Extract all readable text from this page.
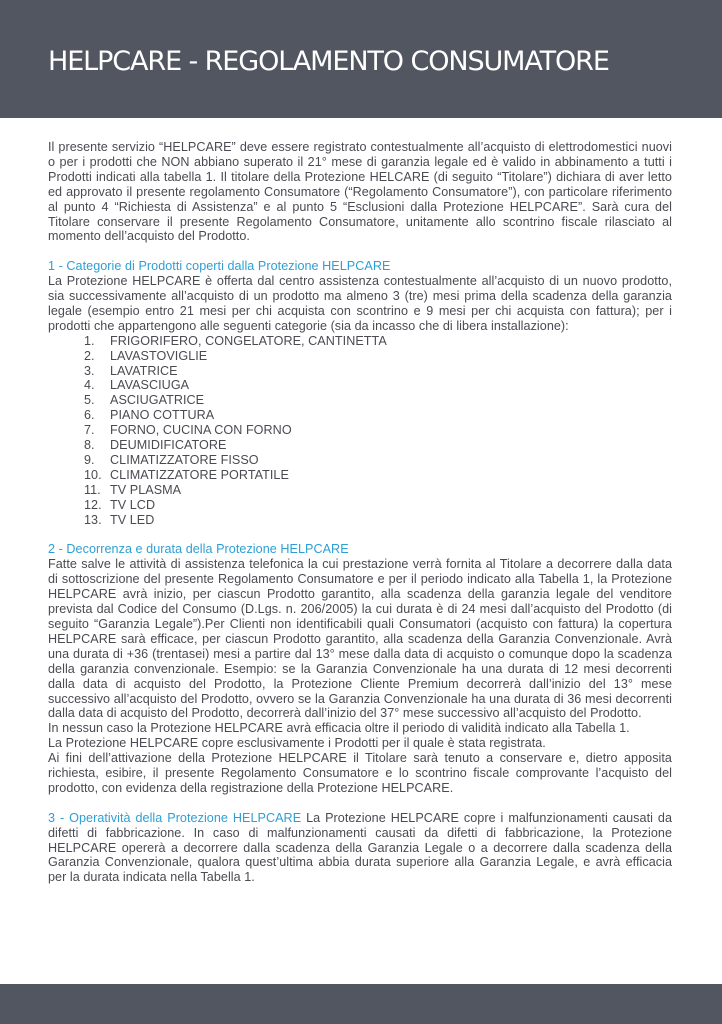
HELPCARE - REGOLAMENTO CONSUMATORE

Il presente servizio “HELPCARE” deve essere registrato contestualmente all’acquisto di elettrodomestici nuovi o per i prodotti che NON abbiano superato il 21° mese di garanzia legale ed è valido in abbinamento a tutti i Prodotti indicati alla tabella 1. Il titolare della Protezione HELCARE (di seguito “Titolare”) dichiara di aver letto ed approvato il presente regolamento Consumatore (“Regolamento Consumatore”), con particolare riferimento al punto 4 “Richiesta di Assistenza” e al punto 5 “Esclusioni dalla Protezione HELPCARE”. Sarà cura del Titolare conservare il presente Regolamento Consumatore, unitamente allo scontrino fiscale rilasciato al momento dell’acquisto del Prodotto.

1 - Categorie di Prodotti coperti dalla Protezione HELPCARE

La Protezione HELPCARE è offerta dal centro assistenza contestualmente all’acquisto di un nuovo prodotto, sia successivamente all’acquisto di un prodotto ma almeno 3 (tre) mesi prima della scadenza della garanzia legale (esempio entro 21 mesi per chi acquista con scontrino e 9 mesi per chi acquista con fattura); per i prodotti che appartengono alle seguenti categorie (sia da incasso che di libera installazione):

1.	FRIGORIFERO, CONGELATORE, CANTINETTA
2.	LAVASTOVIGLIE
3.	LAVATRICE
4.	LAVASCIUGA
5.	ASCIUGATRICE
6.	PIANO COTTURA
7.	FORNO, CUCINA CON FORNO
8.	DEUMIDIFICATORE
9.	CLIMATIZZATORE FISSO
10. CLIMATIZZATORE PORTATILE
11. TV PLASMA
12. TV LCD
13. TV LED

2 - Decorrenza e durata della Protezione HELPCARE

Fatte salve le attività di assistenza telefonica la cui prestazione verrà fornita al Titolare a decorrere dalla data di sottoscrizione del presente Regolamento Consumatore e per il periodo indicato alla Tabella 1, la Protezione HELPCARE avrà inizio, per ciascun Prodotto garantito, alla scadenza della garanzia legale del venditore prevista dal Codice del Consumo (D.Lgs. n. 206/2005) la cui durata è di 24 mesi dall’acquisto del Prodotto (di seguito “Garanzia Legale”).Per Clienti non identificabili quali Consumatori (acquisto con fattura) la copertura HELPCARE sarà efficace, per ciascun Prodotto garantito, alla scadenza della Garanzia Convenzionale. Avrà una durata di +36 (trentasei) mesi a partire dal 13° mese dalla data di acquisto o comunque dopo la scadenza della garanzia convenzionale. Esempio: se la Garanzia Convenzionale ha una durata di 12 mesi decorrenti dalla data di acquisto del Prodotto, la Protezione Cliente Premium decorrerà dall’inizio del 13° mese successivo all’acquisto del Prodotto, ovvero se la Garanzia Convenzionale ha una durata di 36 mesi decorrenti dalla data di acquisto del Prodotto, decorrerà dall’inizio del 37° mese successivo all’acquisto del Prodotto.

In nessun caso la Protezione HELPCARE avrà efficacia oltre il periodo di validità indicato alla Tabella 1.

La Protezione HELPCARE copre esclusivamente i Prodotti per il quale è stata registrata.

Ai fini dell’attivazione della Protezione HELPCARE il Titolare sarà tenuto a conservare e, dietro apposita richiesta, esibire, il presente Regolamento Consumatore e lo scontrino fiscale comprovante l’acquisto del prodotto, con evidenza della registrazione della Protezione HELPCARE.

3 - Operatività della Protezione HELPCARE La Protezione HELPCARE copre i malfunzionamenti causati da difetti di fabbricazione. In caso di malfunzionamenti causati da difetti di fabbricazione, la Protezione HELPCARE opererà a decorrere dalla scadenza della Garanzia Legale o a decorrere dalla scadenza della Garanzia Convenzionale, qualora quest’ultima abbia durata superiore alla Garanzia Legale, e avrà efficacia per la durata indicata nella Tabella 1.
